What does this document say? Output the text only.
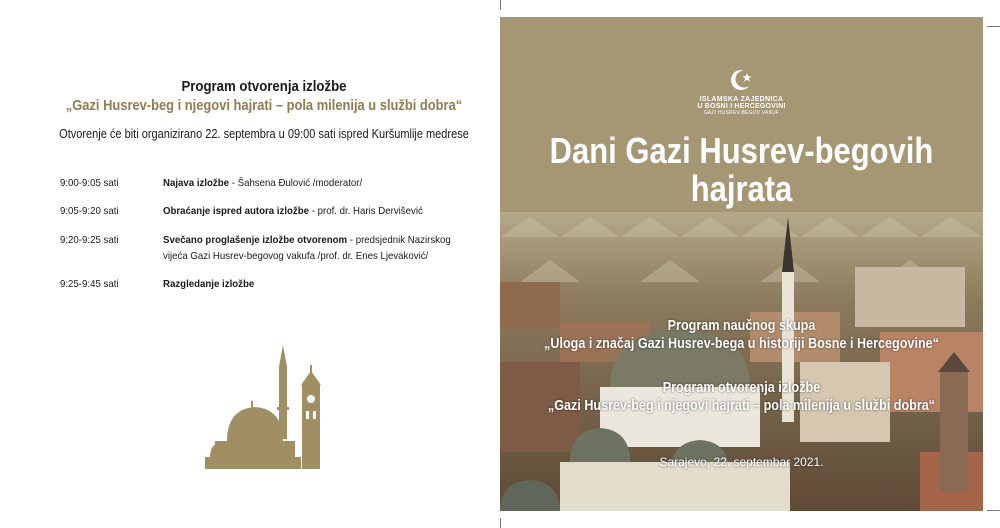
Program otvorenja izložbe
„Gazi Husrev-beg i njegovi hajrati – pola milenija u službi dobra“
Otvorenje će biti organizirano 22. septembra u 09:00 sati ispred Kuršumlije medrese
9:00-9:05 sati	Najava izložbe - Šahsena Đulović /moderator/
9:05-9:20 sati	Obraćanje ispred autora izložbe - prof. dr. Haris Dervišević
9:20-9:25 sati	Svečano proglašenje izložbe otvorenom - predsjednik Nazirskog vijeća Gazi Husrev-begovog vakufa /prof. dr. Enes Ljevaković/
9:25-9:45 sati	Razgledanje izložbe
ISLAMSKA ZAJEDNICA
U BOSNI I HERCEGOVINI
GAZI HUSREV-BEGOV VAKUF
Dani Gazi Husrev-begovih
hajrata
Program naučnog skupa
„Uloga i značaj Gazi Husrev-bega u historiji Bosne i Hercegovine“
Program otvorenja izložbe
„Gazi Husrev-beg i njegovi hajrati – pola milenija u službi dobra“
Sarajevo, 22. septembar 2021.
